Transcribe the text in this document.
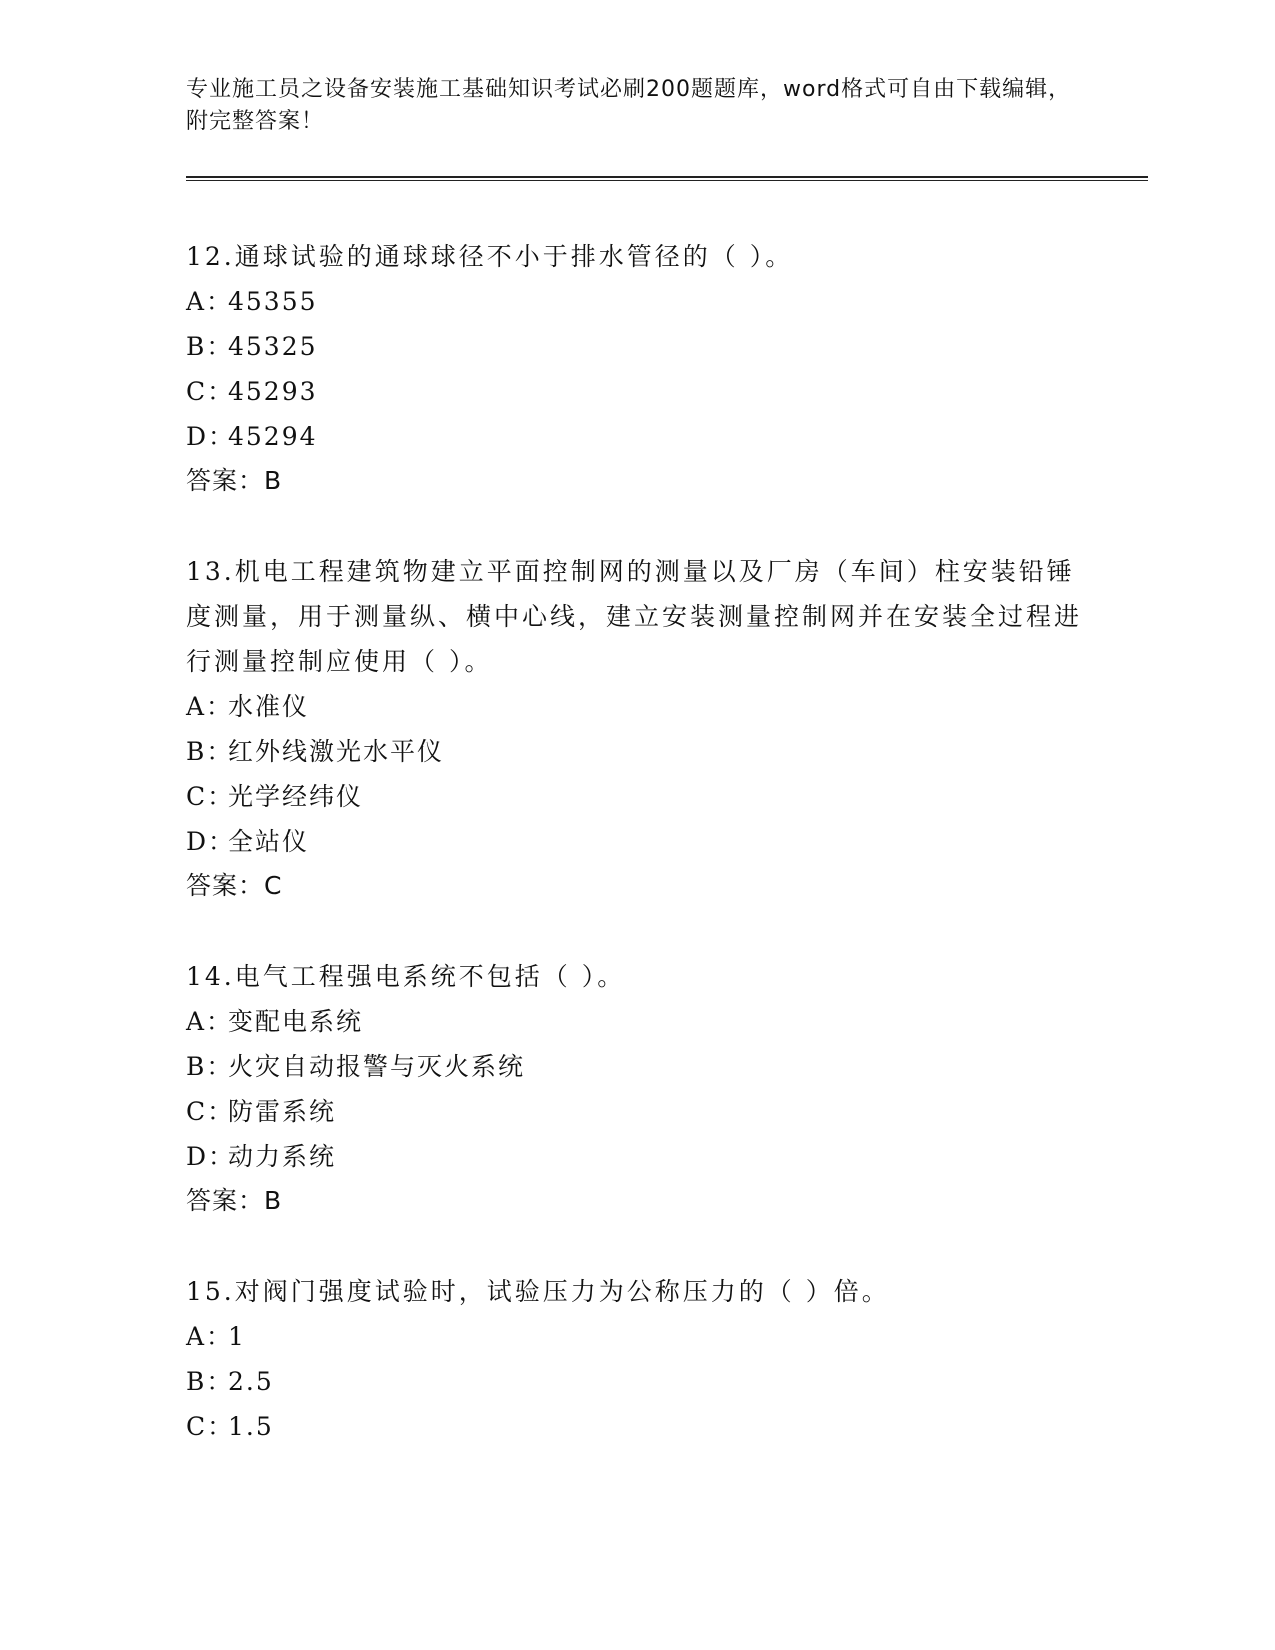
专业施工员之设备安装施工基础知识考试必刷200题题库，word格式可自由下载编辑，附完整答案！

12.通球试验的通球球径不小于排水管径的（ ）。

A：45355

B：45325

C：45293

D：45294

答案：B

13.机电工程建筑物建立平面控制网的测量以及厂房（车间）柱安装铅锤度测量，用于测量纵、横中心线，建立安装测量控制网并在安装全过程进行测量控制应使用（ ）。

A：水准仪

B：红外线激光水平仪

C：光学经纬仪

D：全站仪

答案：C

14.电气工程强电系统不包括（ ）。

A：变配电系统

B：火灾自动报警与灭火系统

C：防雷系统

D：动力系统

答案：B

15.对阀门强度试验时，试验压力为公称压力的（ ）倍。

A：1

B：2.5

C：1.5
